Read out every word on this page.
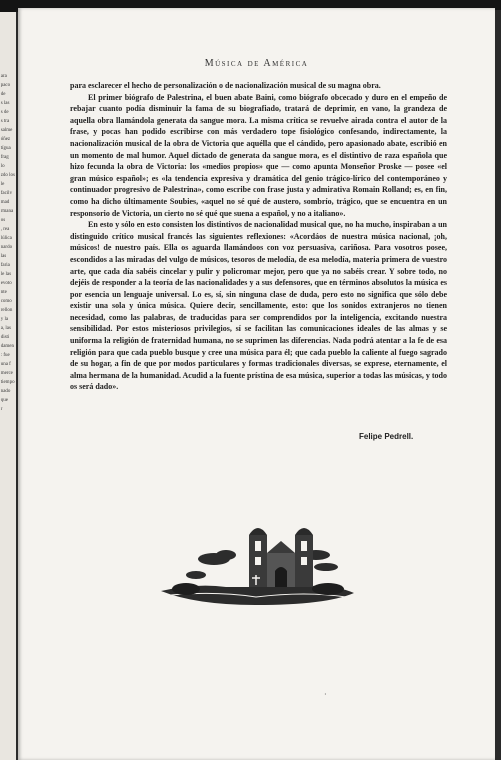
ara
paco
de
s las
s de
s tra
salme
óñez
tígua
frag
lo
zdo los
le
facilv
mad
rmana
os
, rea
lúlica
nardo
las
faria
le las
evoto
nte
como
rellon
y la
a, las
disti
damen
: fue
una f
merce
tiempo
nado
que
r
Música de América

para esclarecer el hecho de personalización o de nacionalización musical de su magna obra.

El primer biógrafo de Palestrina, el buen abate Baini, como biógrafo obcecado y duro en el empeño de rebajar cuanto podía disminuir la fama de su biografiado, tratará de deprimir, en vano, la grandeza de aquella obra llamándola generata da sangue mora. La misma crítica se revuelve airada contra el autor de la frase, y pocas han podido escribirse con más verdadero tope fisiológico confesando, indirectamente, la nacionalización musical de la obra de Victoria que aquélla que el cándido, pero apasionado abate, escribió en un momento de mal humor. Aquel dictado de generata da sangue mora, es el distintivo de raza española que hizo fecunda la obra de Victoria: los «medios propios» que — como apunta Monseñor Proske — posee «el gran músico español»; es «la tendencia expresiva y dramática del genio trágico-lírico del contemporáneo y continuador progresivo de Palestrina», como escribe con frase justa y admirativa Romain Rolland; es, en fin, como ha dicho últimamente Soubies, «aquel no sé qué de austero, sombrío, trágico, que se encuentra en un responsorio de Victoria, un cierto no sé qué que suena a español, y no a italiano».

En esto y sólo en esto consisten los distintivos de nacionalidad musical que, no ha mucho, inspiraban a un distinguido crítico musical francés las siguientes reflexiones: «Acordáos de nuestra música nacional, ¡oh, músicos! de nuestro país. Ella os aguarda llamándoos con voz persuasiva, cariñosa. Para vosotros posee, escondidos a las miradas del vulgo de músicos, tesoros de melodía, de esa melodía, materia primera de vuestro arte, que cada día sabéis cincelar y pulir y policromar mejor, pero que ya no sabéis crear. Y sobre todo, no dejéis de responder a la teoría de las nacionalidades y a sus defensores, que en términos absolutos la música es por esencia un lenguaje universal. Lo es, sí, sin ninguna clase de duda, pero esto no significa que sólo debe existir una sola y única música. Quiere decir, sencillamente, esto: que los sonidos extranjeros no tienen necesidad, como las palabras, de traducidas para ser comprendidos por la inteligencia, excitando nuestra sensibilidad. Por estos misteriosos privilegios, sí se facilitan las comunicaciones ideales de las almas y se uniforma la religión de fraternidad humana, no se suprimen las diferencias. Nada podrá atentar a la fe de esa religión para que cada pueblo busque y cree una música para él; que cada pueblo la caliente al fuego sagrado de su hogar, a fin de que por modos particulares y formas tradicionales diversas, se exprese, eternamente, el alma hermana de la humanidad. Acudid a la fuente prístina de esa música, superior a todas las músicas, y todo os será dado».

Felipe Pedrell.
·
